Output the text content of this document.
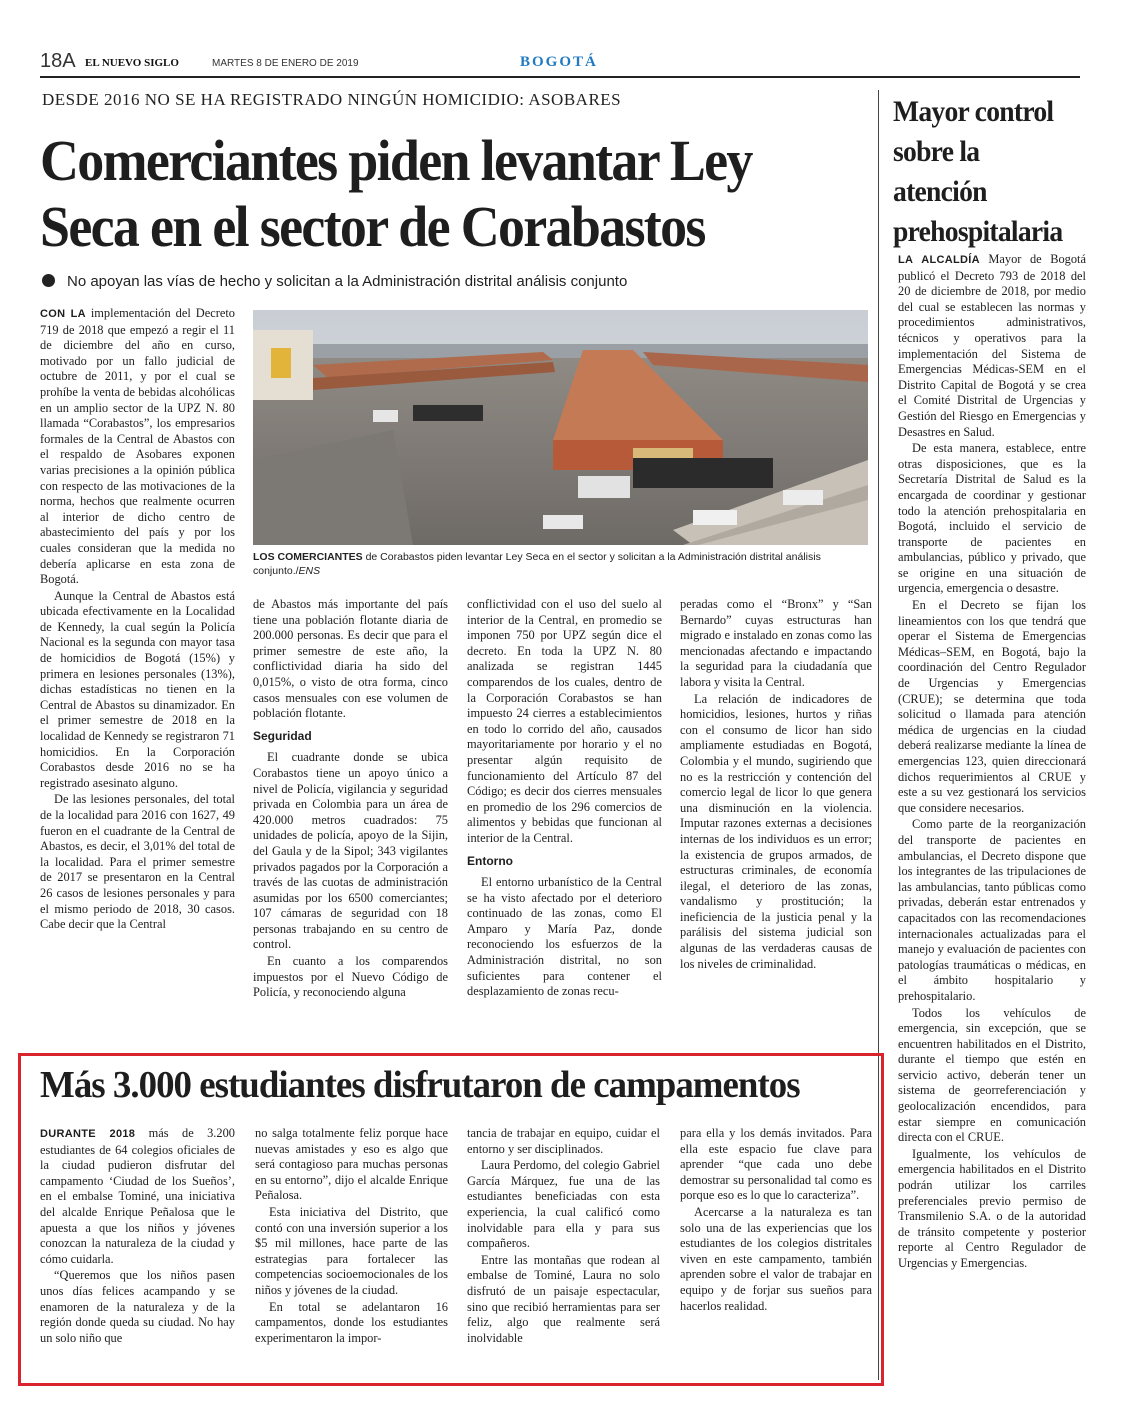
18A EL NUEVO SIGLO	MARTES 8 DE ENERO DE 2019	BOGOTÁ
DESDE 2016 NO SE HA REGISTRADO NINGÚN HOMICIDIO: ASOBARES
Comerciantes piden levantar Ley Seca en el sector de Corabastos
No apoyan las vías de hecho y solicitan a la Administración distrital análisis conjunto

CON LA implementación del Decreto 719 de 2018 que empezó a regir el 11 de diciembre del año en curso, motivado por un fallo judicial de octubre de 2011, y por el cual se prohíbe la venta de bebidas alcohólicas en un amplio sector de la UPZ N. 80 llamada “Corabastos”, los empresarios formales de la Central de Abastos con el respaldo de Asobares exponen varias precisiones a la opinión pública con respecto de las motivaciones de la norma, hechos que realmente ocurren al interior de dicho centro de abastecimiento del país y por los cuales consideran que la medida no debería aplicarse en esta zona de Bogotá.

Aunque la Central de Abastos está ubicada efectivamente en la Localidad de Kennedy, la cual según la Policía Nacional es la segunda con mayor tasa de homicidios de Bogotá (15%) y primera en lesiones personales (13%), dichas estadísticas no tienen en la Central de Abastos su dinamizador. En el primer semestre de 2018 en la localidad de Kennedy se registraron 71 homicidios. En la Corporación Corabastos desde 2016 no se ha registrado asesinato alguno.

De las lesiones personales, del total de la localidad para 2016 con 1627, 49 fueron en el cuadrante de la Central de Abastos, es decir, el 3,01% del total de la localidad. Para el primer semestre de 2017 se presentaron en la Central 26 casos de lesiones personales y para el mismo periodo de 2018, 30 casos. Cabe decir que la Central

LOS COMERCIANTES de Corabastos piden levantar Ley Seca en el sector y solicitan a la Administración distrital análisis conjunto./ENS

de Abastos más importante del país tiene una población flotante diaria de 200.000 personas. Es decir que para el primer semestre de este año, la conflictividad diaria ha sido del 0,015%, o visto de otra forma, cinco casos mensuales con ese volumen de población flotante.

Seguridad

El cuadrante donde se ubica Corabastos tiene un apoyo único a nivel de Policía, vigilancia y seguridad privada en Colombia para un área de 420.000 metros cuadrados: 75 unidades de policía, apoyo de la Sijin, del Gaula y de la Sipol; 343 vigilantes privados pagados por la Corporación a través de las cuotas de administración asumidas por los 6500 comerciantes; 107 cámaras de seguridad con 18 personas trabajando en su centro de control.

En cuanto a los comparendos impuestos por el Nuevo Código de Policía, y reconociendo alguna

conflictividad con el uso del suelo al interior de la Central, en promedio se imponen 750 por UPZ según dice el decreto. En toda la UPZ N. 80 analizada se registran 1445 comparendos de los cuales, dentro de la Corporación Corabastos se han impuesto 24 cierres a establecimientos en todo lo corrido del año, causados mayoritariamente por horario y el no presentar algún requisito de funcionamiento del Artículo 87 del Código; es decir dos cierres mensuales en promedio de los 296 comercios de alimentos y bebidas que funcionan al interior de la Central.

Entorno

El entorno urbanístico de la Central se ha visto afectado por el deterioro continuado de las zonas, como El Amparo y María Paz, donde reconociendo los esfuerzos de la Administración distrital, no son suficientes para contener el desplazamiento de zonas recu-

peradas como el “Bronx” y “San Bernardo” cuyas estructuras han migrado e instalado en zonas como las mencionadas afectando e impactando la seguridad para la ciudadanía que labora y visita la Central.

La relación de indicadores de homicidios, lesiones, hurtos y riñas con el consumo de licor han sido ampliamente estudiadas en Bogotá, Colombia y el mundo, sugiriendo que no es la restricción y contención del comercio legal de licor lo que genera una disminución en la violencia. Imputar razones externas a decisiones internas de los individuos es un error; la existencia de grupos armados, de estructuras criminales, de economía ilegal, el deterioro de las zonas, vandalismo y prostitución; la ineficiencia de la justicia penal y la parálisis del sistema judicial son algunas de las verdaderas causas de los niveles de criminalidad.

Mayor control sobre la atención prehospitalaria

LA ALCALDÍA Mayor de Bogotá publicó el Decreto 793 de 2018 del 20 de diciembre de 2018, por medio del cual se establecen las normas y procedimientos administrativos, técnicos y operativos para la implementación del Sistema de Emergencias Médicas-SEM en el Distrito Capital de Bogotá y se crea el Comité Distrital de Urgencias y Gestión del Riesgo en Emergencias y Desastres en Salud.

De esta manera, establece, entre otras disposiciones, que es la Secretaría Distrital de Salud es la encargada de coordinar y gestionar todo la atención prehospitalaria en Bogotá, incluido el servicio de transporte de pacientes en ambulancias, público y privado, que se origine en una situación de urgencia, emergencia o desastre.

En el Decreto se fijan los lineamientos con los que tendrá que operar el Sistema de Emergencias Médicas–SEM, en Bogotá, bajo la coordinación del Centro Regulador de Urgencias y Emergencias (CRUE); se determina que toda solicitud o llamada para atención médica de urgencias en la ciudad deberá realizarse mediante la línea de emergencias 123, quien direccionará dichos requerimientos al CRUE y este a su vez gestionará los servicios que considere necesarios.

Como parte de la reorganización del transporte de pacientes en ambulancias, el Decreto dispone que los integrantes de las tripulaciones de las ambulancias, tanto públicas como privadas, deberán estar entrenados y capacitados con las recomendaciones internacionales actualizadas para el manejo y evaluación de pacientes con patologías traumáticas o médicas, en el ámbito hospitalario y prehospitalario.

Todos los vehículos de emergencia, sin excepción, que se encuentren habilitados en el Distrito, durante el tiempo que estén en servicio activo, deberán tener un sistema de georreferenciación y geolocalización encendidos, para estar siempre en comunicación directa con el CRUE.

Igualmente, los vehículos de emergencia habilitados en el Distrito podrán utilizar los carriles preferenciales previo permiso de Transmilenio S.A. o de la autoridad de tránsito competente y posterior reporte al Centro Regulador de Urgencias y Emergencias.

Más 3.000 estudiantes disfrutaron de campamentos

DURANTE 2018 más de 3.200 estudiantes de 64 colegios oficiales de la ciudad pudieron disfrutar del campamento ‘Ciudad de los Sueños’, en el embalse Tominé, una iniciativa del alcalde Enrique Peñalosa que le apuesta a que los niños y jóvenes conozcan la naturaleza de la ciudad y cómo cuidarla.

“Queremos que los niños pasen unos días felices acampando y se enamoren de la naturaleza y de la región donde queda su ciudad. No hay un solo niño que

no salga totalmente feliz porque hace nuevas amistades y eso es algo que será contagioso para muchas personas en su entorno”, dijo el alcalde Enrique Peñalosa.

Esta iniciativa del Distrito, que contó con una inversión superior a los $5 mil millones, hace parte de las estrategias para fortalecer las competencias socioemocionales de los niños y jóvenes de la ciudad.

En total se adelantaron 16 campamentos, donde los estudiantes experimentaron la impor-

tancia de trabajar en equipo, cuidar el entorno y ser disciplinados.

Laura Perdomo, del colegio Gabriel García Márquez, fue una de las estudiantes beneficiadas con esta experiencia, la cual calificó como inolvidable para ella y para sus compañeros.

Entre las montañas que rodean al embalse de Tominé, Laura no solo disfrutó de un paisaje espectacular, sino que recibió herramientas para ser feliz, algo que realmente será inolvidable

para ella y los demás invitados. Para ella este espacio fue clave para aprender “que cada uno debe demostrar su personalidad tal como es porque eso es lo que lo caracteriza”.

Acercarse a la naturaleza es tan solo una de las experiencias que los estudiantes de los colegios distritales viven en este campamento, también aprenden sobre el valor de trabajar en equipo y de forjar sus sueños para hacerlos realidad.
